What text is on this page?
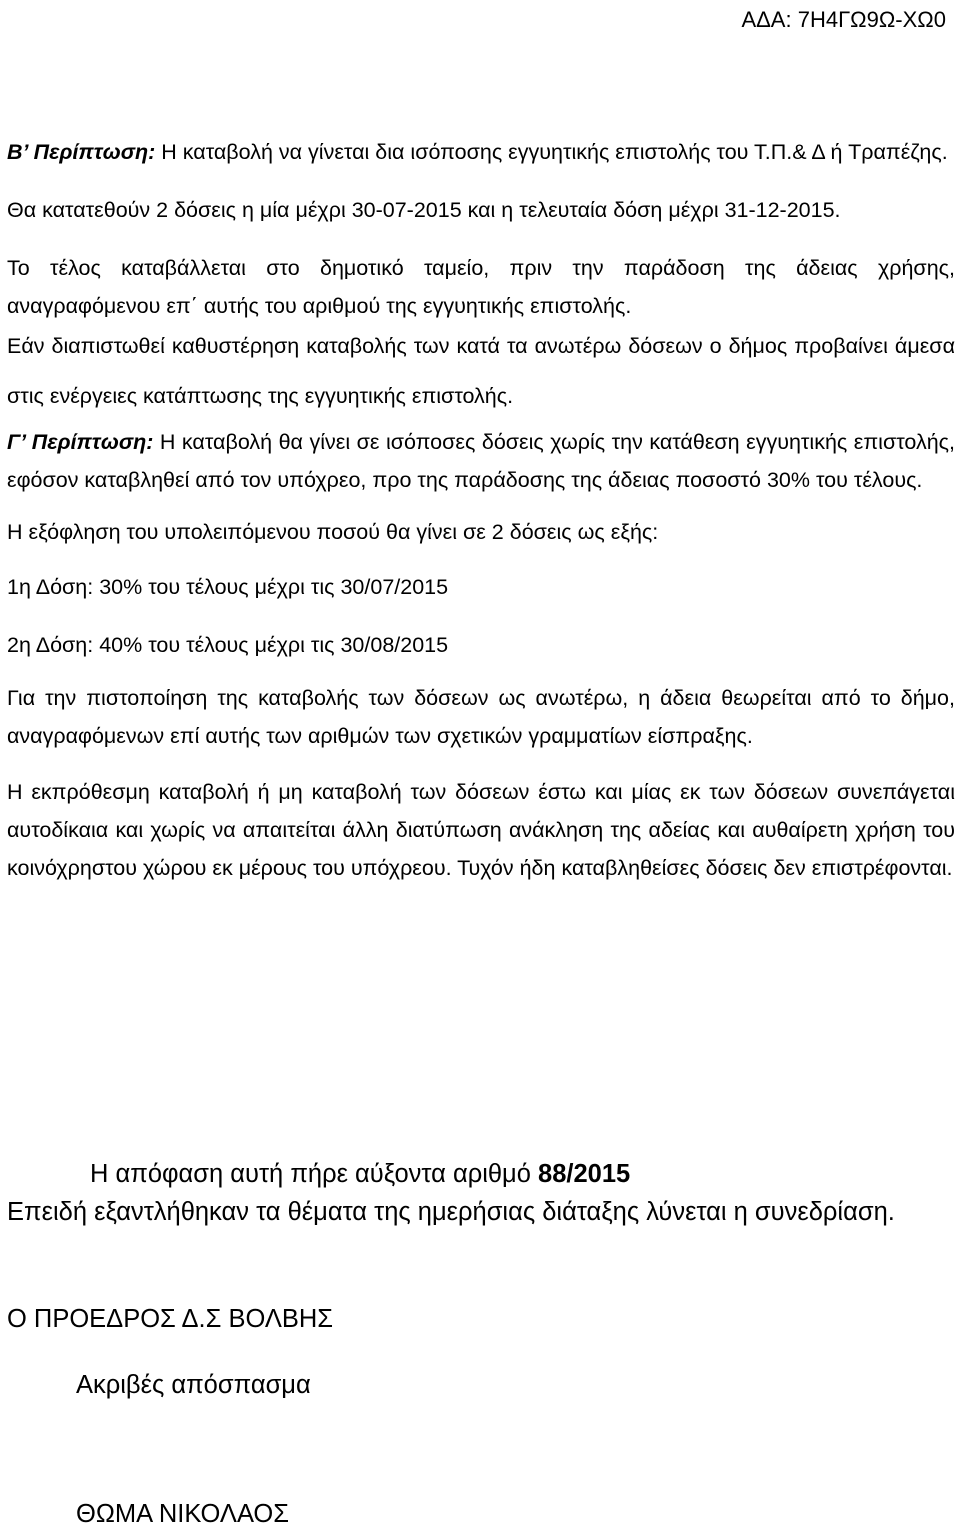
ΑΔΑ: 7Η4ΓΩ9Ω-ΧΩ0

Β’ Περίπτωση: Η καταβολή να γίνεται δια ισόποσης εγγυητικής επιστολής του Τ.Π.& Δ ή Τραπέζης.

Θα κατατεθούν 2 δόσεις η μία μέχρι 30-07-2015 και η τελευταία δόση μέχρι 31-12-2015.

Το τέλος καταβάλλεται στο δημοτικό ταμείο, πριν την παράδοση της άδειας χρήσης, αναγραφόμενου επ΄ αυτής του αριθμού της εγγυητικής επιστολής.

Εάν διαπιστωθεί καθυστέρηση καταβολής των κατά τα ανωτέρω δόσεων ο δήμος προβαίνει άμεσα στις ενέργειες κατάπτωσης της εγγυητικής επιστολής.

Γ’ Περίπτωση: Η καταβολή θα γίνει σε ισόποσες δόσεις χωρίς την κατάθεση εγγυητικής επιστολής, εφόσον καταβληθεί από τον υπόχρεο, προ της παράδοσης της άδειας ποσοστό 30% του τέλους.

Η εξόφληση του υπολειπόμενου ποσού θα γίνει σε 2 δόσεις ως εξής:

1η Δόση: 30% του τέλους μέχρι τις 30/07/2015

2η Δόση: 40% του τέλους μέχρι τις 30/08/2015

Για την πιστοποίηση της καταβολής των δόσεων ως ανωτέρω, η άδεια θεωρείται από το δήμο, αναγραφόμενων επί αυτής των αριθμών των σχετικών γραμματίων είσπραξης.

Η εκπρόθεσμη καταβολή ή μη καταβολή των δόσεων έστω και μίας εκ των δόσεων συνεπάγεται αυτοδίκαια και χωρίς να απαιτείται άλλη διατύπωση ανάκληση της αδείας και αυθαίρετη χρήση του κοινόχρηστου χώρου εκ μέρους του υπόχρεου. Τυχόν ήδη καταβληθείσες δόσεις δεν επιστρέφονται.

Η απόφαση αυτή πήρε αύξοντα αριθμό 88/2015

Επειδή εξαντλήθηκαν τα θέματα της ημερήσιας διάταξης λύνεται η συνεδρίαση.

Ο ΠΡΟΕΔΡΟΣ Δ.Σ ΒΟΛΒΗΣ

Ακριβές απόσπασμα

ΘΩΜΑ ΝΙΚΟΛΑΟΣ
